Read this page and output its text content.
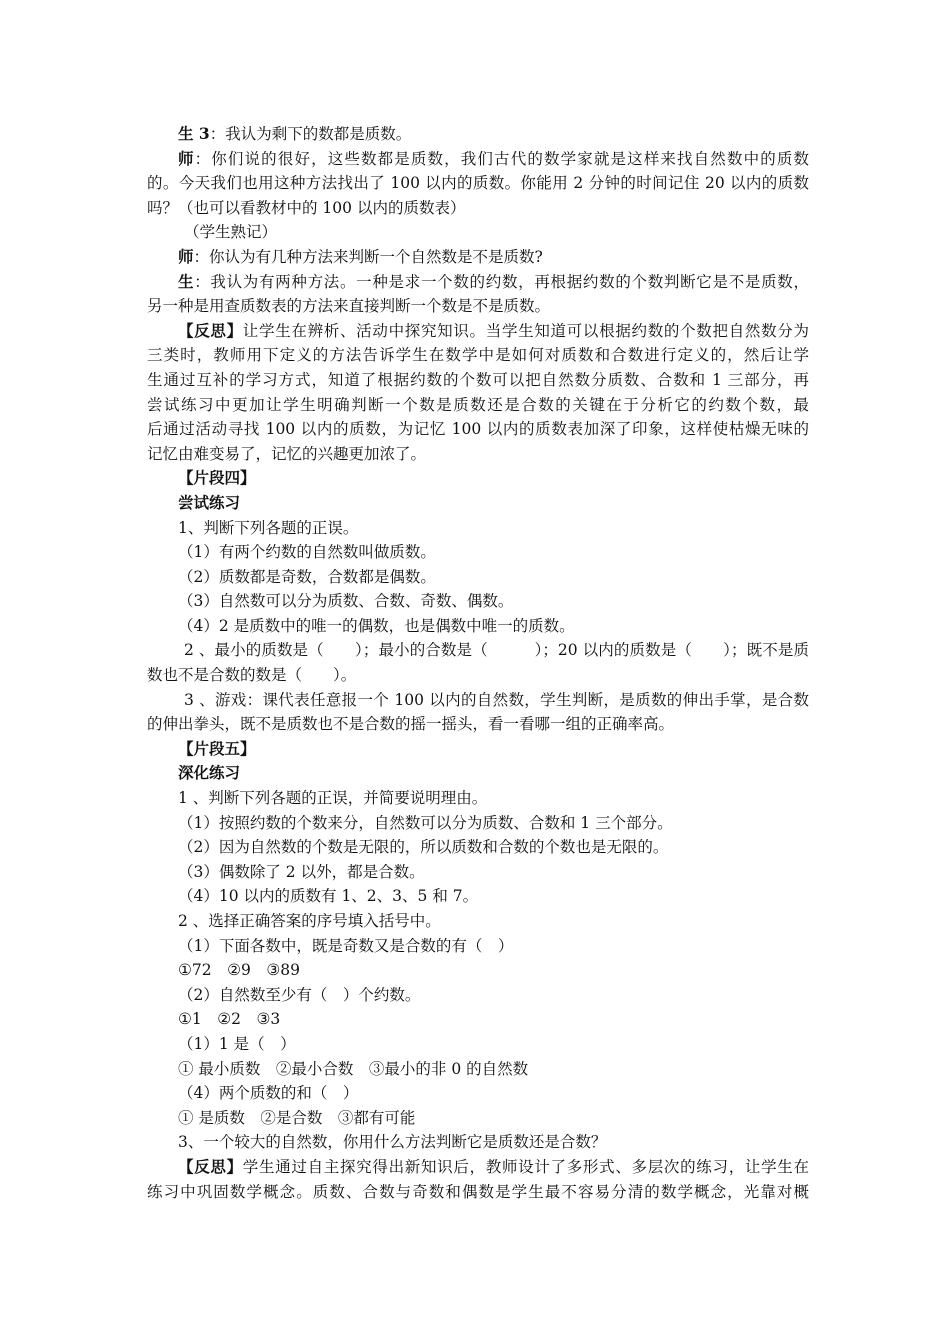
生 3：我认为剩下的数都是质数。
师：你们说的很好，这些数都是质数，我们古代的数学家就是这样来找自然数中的质数
的。今天我们也用这种方法找出了 100 以内的质数。你能用 2 分钟的时间记住 20 以内的质数
吗？（也可以看教材中的 100 以内的质数表）
（学生熟记）
师：你认为有几种方法来判断一个自然数是不是质数?
生：我认为有两种方法。一种是求一个数的约数，再根据约数的个数判断它是不是质数，
另一种是用查质数表的方法来直接判断一个数是不是质数。
【反思】让学生在辨析、活动中探究知识。当学生知道可以根据约数的个数把自然数分为
三类时，教师用下定义的方法告诉学生在数学中是如何对质数和合数进行定义的，然后让学
生通过互补的学习方式，知道了根据约数的个数可以把自然数分质数、合数和 1 三部分，再
尝试练习中更加让学生明确判断一个数是质数还是合数的关键在于分析它的约数个数，最
后通过活动寻找 100 以内的质数，为记忆 100 以内的质数表加深了印象，这样使枯燥无味的
记忆由难变易了，记忆的兴趣更加浓了。
【片段四】
尝试练习
1、判断下列各题的正误。
（1）有两个约数的自然数叫做质数。
（2）质数都是奇数，合数都是偶数。
（3）自然数可以分为质数、合数、奇数、偶数。
（4）2 是质数中的唯一的偶数，也是偶数中唯一的质数。
2 、最小的质数是（　　）；最小的合数是（　　　）；20 以内的质数是（　　）；既不是质
数也不是合数的数是（　　）。
3 、游戏：课代表任意报一个 100 以内的自然数，学生判断，是质数的伸出手掌，是合数
的伸出拳头，既不是质数也不是合数的摇一摇头，看一看哪一组的正确率高。
【片段五】
深化练习
1 、判断下列各题的正误，并简要说明理由。
（1）按照约数的个数来分，自然数可以分为质数、合数和 1 三个部分。
（2）因为自然数的个数是无限的，所以质数和合数的个数也是无限的。
（3）偶数除了 2 以外，都是合数。
（4）10 以内的质数有 1、2、3、5 和 7。
2 、选择正确答案的序号填入括号中。
（1）下面各数中，既是奇数又是合数的有（　）
①72　②9　③89
（2）自然数至少有（　）个约数。
①1　②2　③3
（1）1 是（　）
① 最小质数　②最小合数　③最小的非 0 的自然数
（4）两个质数的和（　）
① 是质数　②是合数　③都有可能
3、一个较大的自然数，你用什么方法判断它是质数还是合数？
【反思】学生通过自主探究得出新知识后，教师设计了多形式、多层次的练习，让学生在
练习中巩固数学概念。质数、合数与奇数和偶数是学生最不容易分清的数学概念，光靠对概
